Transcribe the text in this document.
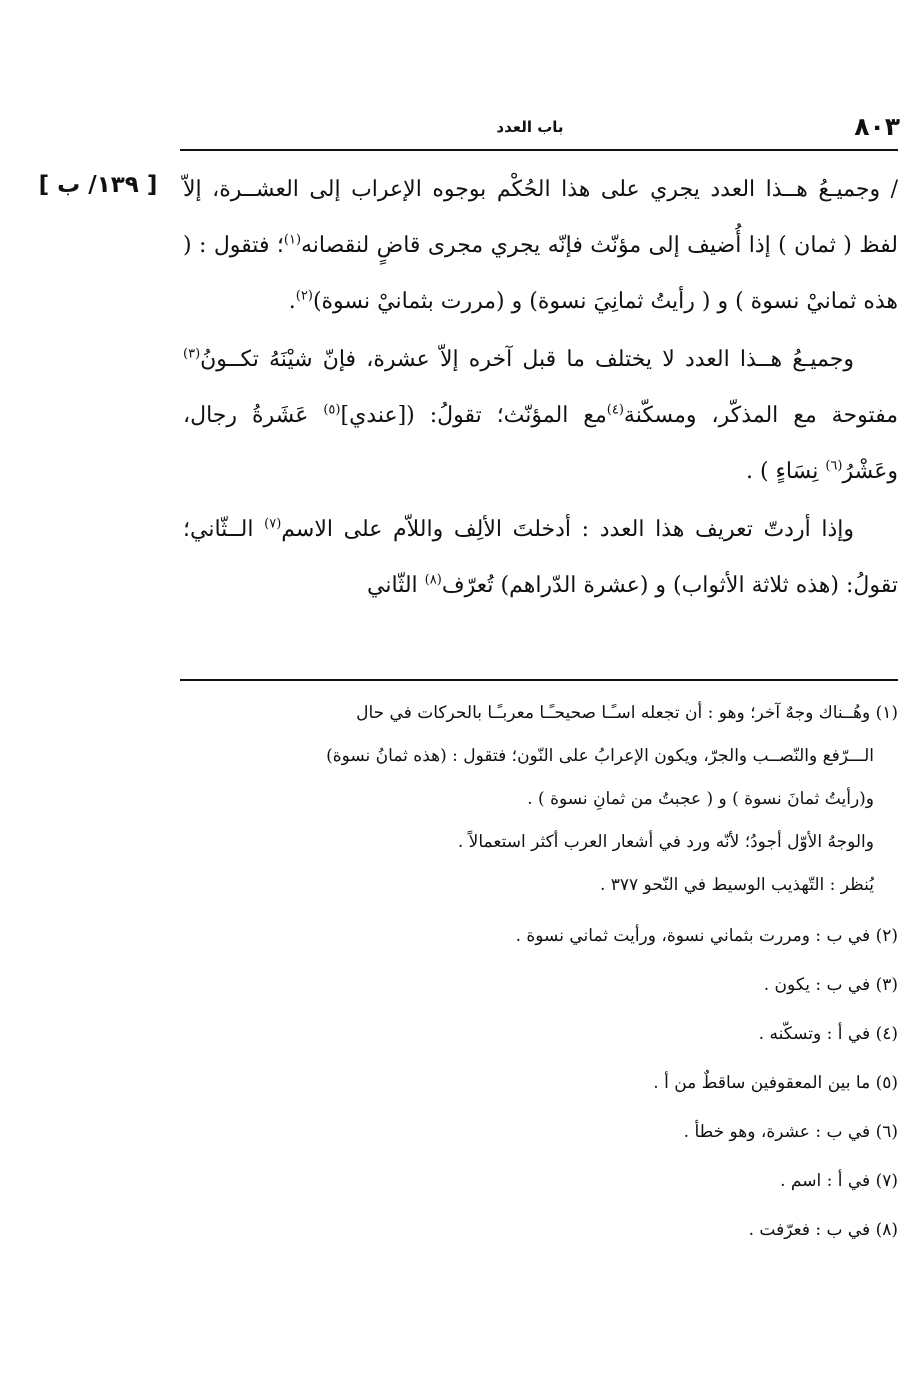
٨٠٣
باب العدد
[ ١٣٩/ ب ]	/ وجميـعُ هــذا العدد يجري على هذا الحُكْم بوجوه الإعراب إلى العشــرة، إلاّ لفظ ( ثمان ) إذا أُضيف إلى مؤنّث فإنّه يجري مجرى قاضٍ لنقصانه$^{(١)}$؛ فتقول : ( هذه ثمانيْ نسوة ) و ( رأيتُ ثمانِيَ نسوة) و (مررت بثمانيْ نسوة)$^{(٢)}$.

وجميـعُ هــذا العدد لا يختلف ما قبل آخره إلاّ عشرة، فإنّ شيْنَهُ تكــونُ$^{(٣)}$ مفتوحة مع المذكّر، ومسكّنة$^{(٤)}$مع المؤنّث؛ تقولُ: ([عندي]$^{(٥)}$ عَشَرةُ رجال، وعَشْرُ$^{(٦)}$ نِسَاءٍ ) .

وإذا أردتّ تعريف هذا العدد : أدخلتَ الألِف واللاّم على الاسم$^{(٧)}$ الــثّاني؛ تقولُ: (هذه ثلاثة الأثواب) و (عشرة الدّراهم) تُعرّف$^{(٨)}$ الثّاني

(١) وهُــناك وجهٌ آخر؛ وهو : أن تجعله اسـًـا صحيحـًـا معربـًـا بالحركات في حال

الـــرّفع والنّصــب والجرّ، ويكون الإعرابُ على النّون؛ فتقول : (هذه ثمانُ نسوة)

و(رأيتُ ثمانَ نسوة ) و ( عجبتُ من ثمانِ نسوة ) .

والوجهُ الأوّل أجودُ؛ لأنّه ورد في أشعار العرب أكثر استعمالاً .

يُنظر : التّهذيب الوسيط في النّحو ٣٧٧ .

(٢) في ب : ومررت بثماني نسوة، ورأيت ثماني نسوة .

(٣) في ب : يكون .

(٤) في أ : وتسكّنه .

(٥) ما بين المعقوفين ساقطٌ من أ .

(٦) في ب : عشرة، وهو خطأ .

(٧) في أ : اسم .

(٨) في ب : فعرّفت .
